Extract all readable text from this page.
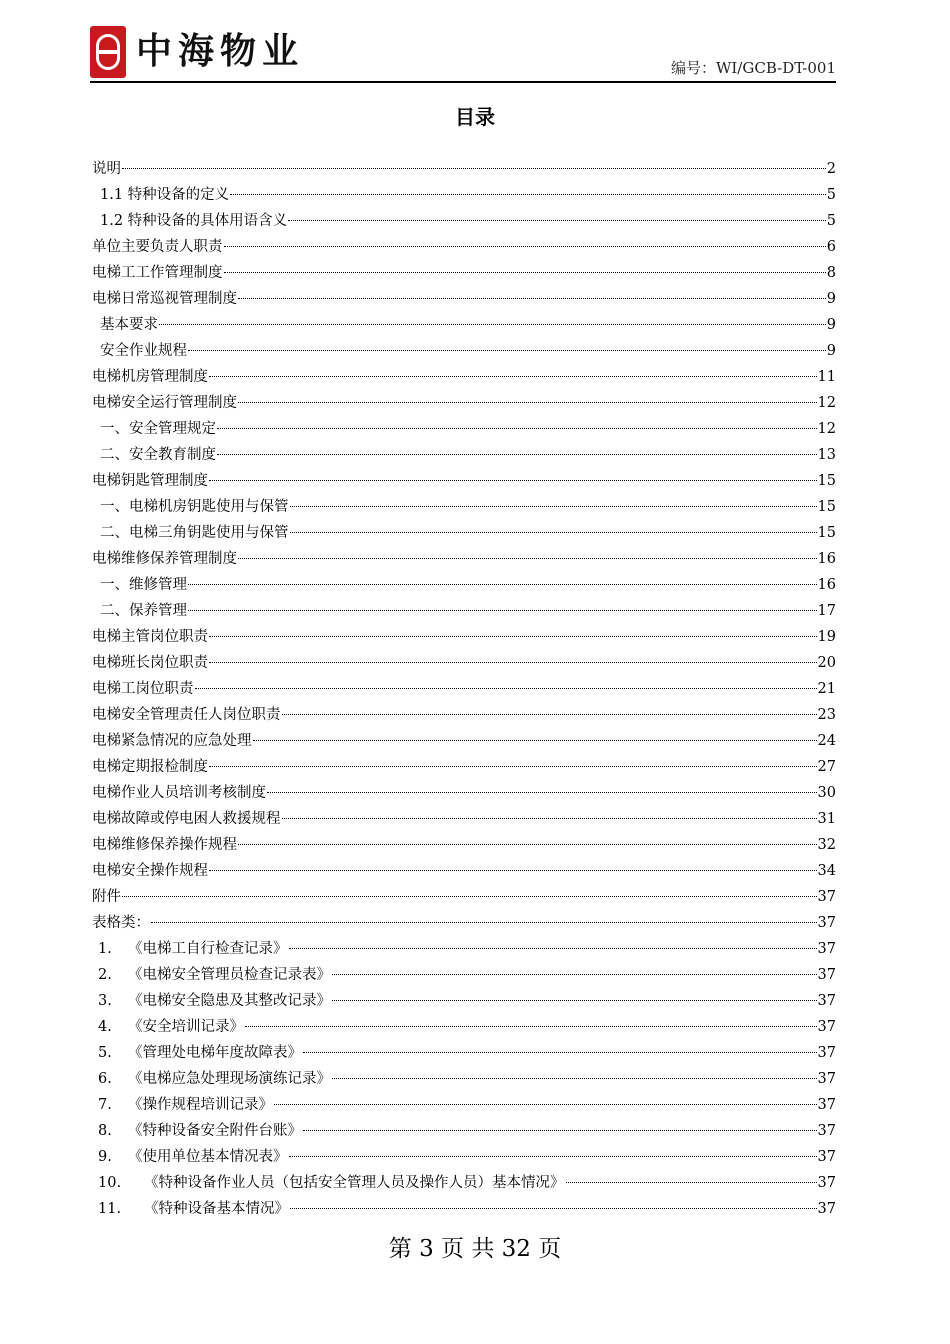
中海物业	编号：WI/GCB-DT-001
目录
说明	2
1.1 特种设备的定义	5
1.2 特种设备的具体用语含义	5
单位主要负责人职责	6
电梯工工作管理制度	8
电梯日常巡视管理制度	9
基本要求	9
安全作业规程	9
电梯机房管理制度	11
电梯安全运行管理制度	12
一、安全管理规定	12
二、安全教育制度	13
电梯钥匙管理制度	15
一、电梯机房钥匙使用与保管	15
二、电梯三角钥匙使用与保管	15
电梯维修保养管理制度	16
一、维修管理	16
二、保养管理	17
电梯主管岗位职责	19
电梯班长岗位职责	20
电梯工岗位职责	21
电梯安全管理责任人岗位职责	23
电梯紧急情况的应急处理	24
电梯定期报检制度	27
电梯作业人员培训考核制度	30
电梯故障或停电困人救援规程	31
电梯维修保养操作规程	32
电梯安全操作规程	34
附件	37
表格类：	37
1.	《电梯工自行检查记录》	37
2.	《电梯安全管理员检查记录表》	37
3.	《电梯安全隐患及其整改记录》	37
4.	《安全培训记录》	37
5.	《管理处电梯年度故障表》	37
6.	《电梯应急处理现场演练记录》	37
7.	《操作规程培训记录》	37
8.	《特种设备安全附件台账》	37
9.	《使用单位基本情况表》	37
10.	《特种设备作业人员（包括安全管理人员及操作人员）基本情况》	37
11.	《特种设备基本情况》	37
第 3 页 共 32 页
